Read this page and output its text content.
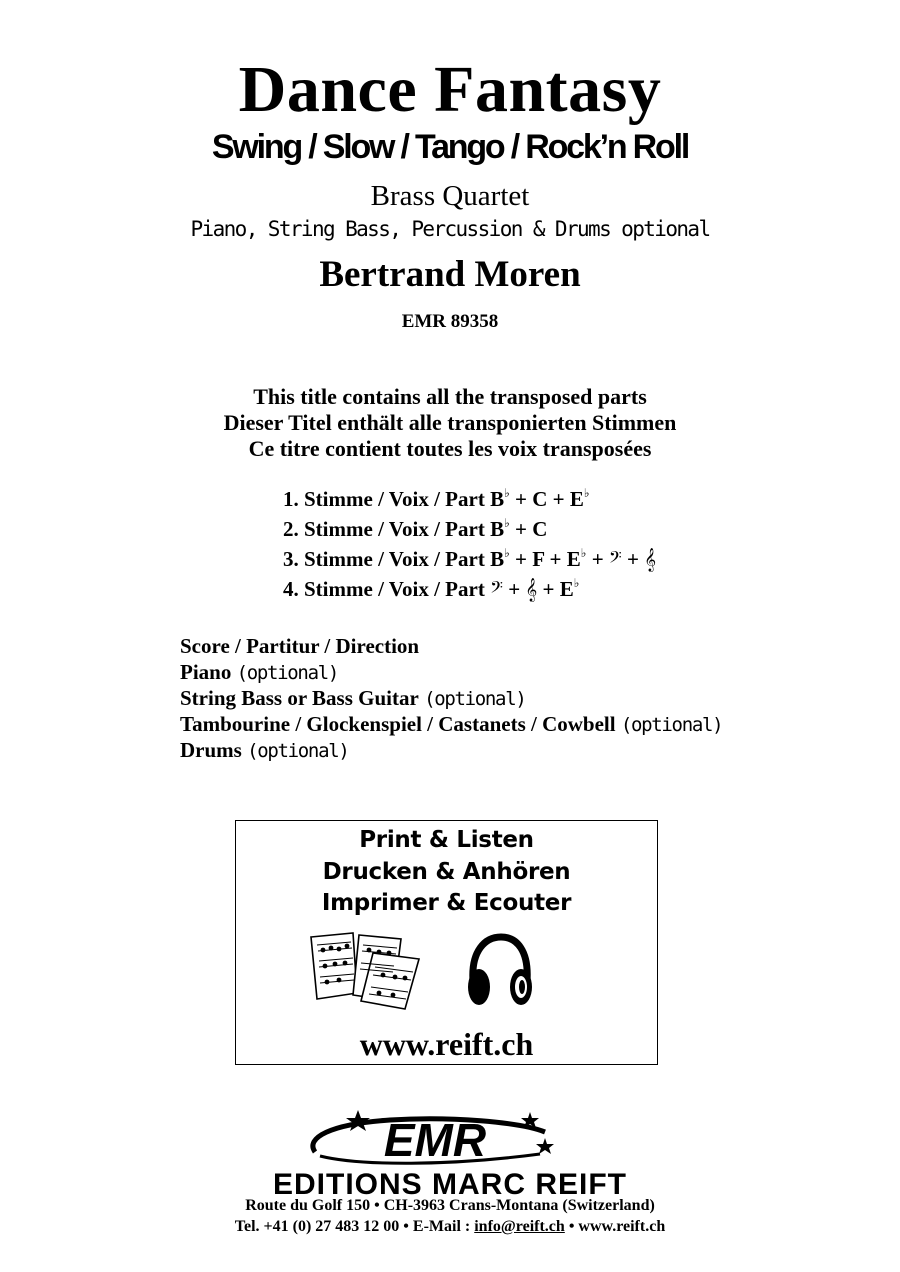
Dance Fantasy
Swing / Slow / Tango / Rock’n Roll
Brass Quartet
Piano, String Bass, Percussion & Drums optional
Bertrand Moren
EMR 89358
This title contains all the transposed parts
Dieser Titel enthält alle transponierten Stimmen
Ce titre contient toutes les voix transposées
1. Stimme / Voix / Part B♭ + C + E♭
2. Stimme / Voix / Part B♭ + C
3. Stimme / Voix / Part B♭ + F + E♭ + 𝄢 + 𝄞
4. Stimme / Voix / Part 𝄢 + 𝄞 + E♭
Score / Partitur / Direction
Piano (optional)
String Bass or Bass Guitar (optional)
Tambourine / Glockenspiel / Castanets / Cowbell (optional)
Drums (optional)
Print & Listen
Drucken & Anhören
Imprimer & Ecouter
www.reift.ch
EMR
EDITIONS MARC REIFT
Route du Golf 150 • CH-3963 Crans-Montana (Switzerland)
Tel. +41 (0) 27 483 12 00 • E-Mail : info@reift.ch • www.reift.ch
